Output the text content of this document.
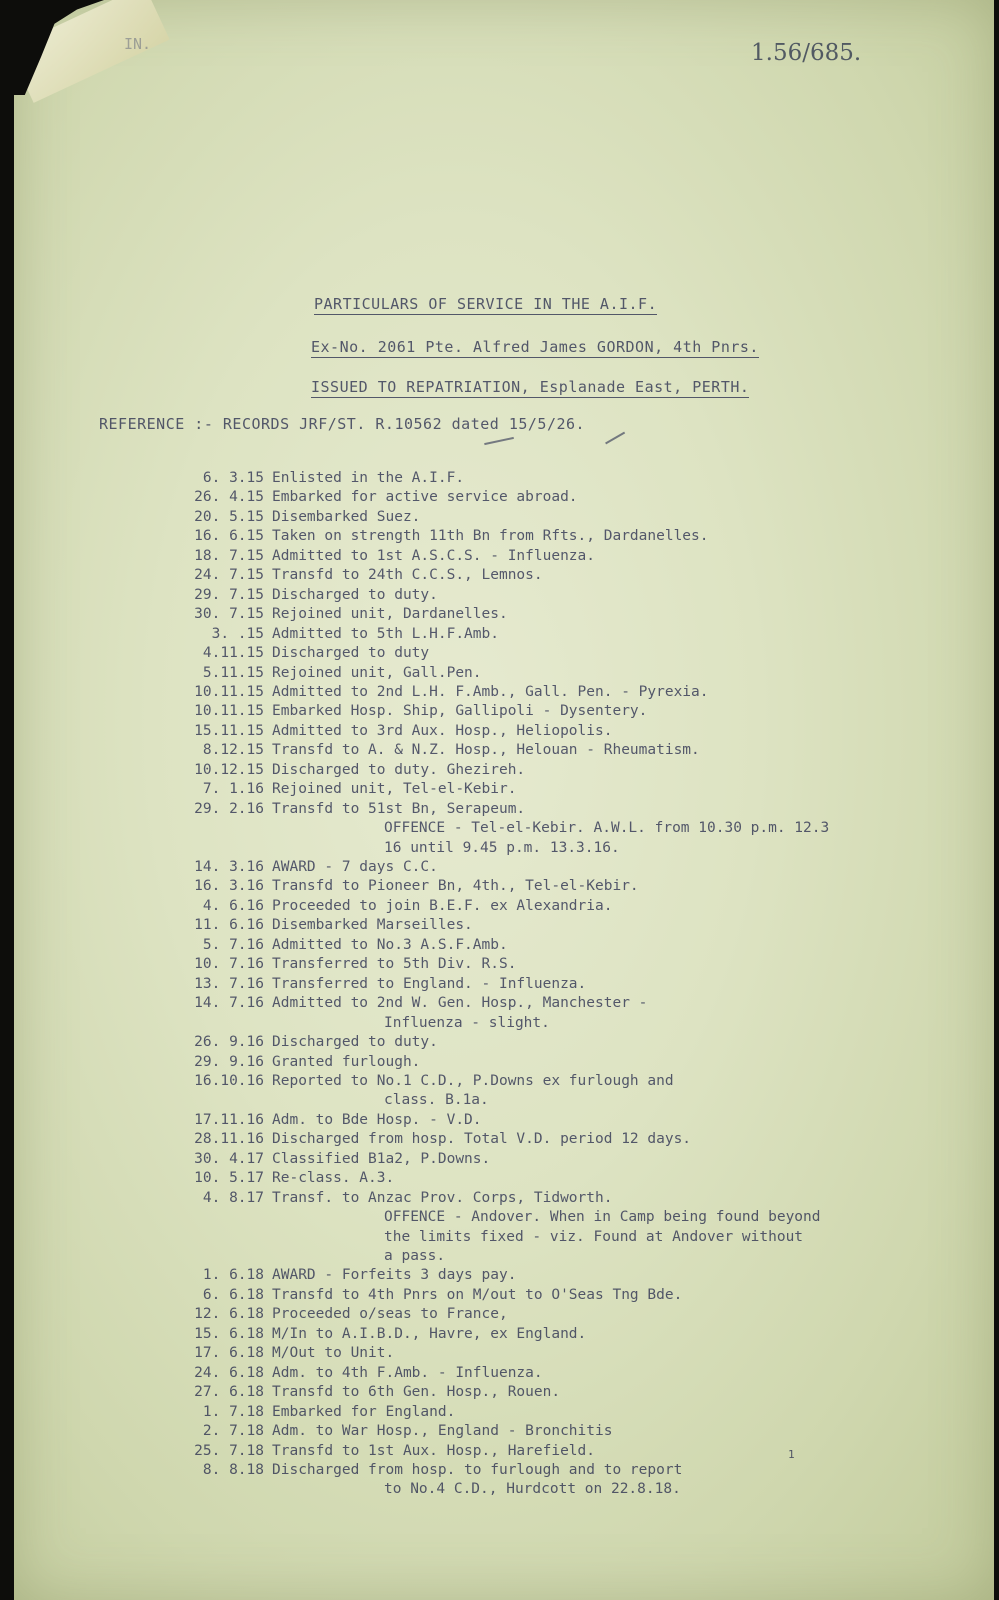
IN.	1.56/685.
PARTICULARS OF SERVICE IN THE A.I.F.
Ex-No. 2061 Pte. Alfred James GORDON, 4th Pnrs.
ISSUED TO REPATRIATION, Esplanade East, PERTH.
REFERENCE :- RECORDS JRF/ST. R.10562 dated 15/5/26.
6. 3.15 Enlisted in the A.I.F.
26. 4.15 Embarked for active service abroad.
20. 5.15 Disembarked Suez.
16. 6.15 Taken on strength 11th Bn from Rfts., Dardanelles.
18. 7.15 Admitted to 1st A.S.C.S. - Influenza.
24. 7.15 Transfd to 24th C.C.S., Lemnos.
29. 7.15 Discharged to duty.
30. 7.15 Rejoined unit, Dardanelles.
3. .15 Admitted to 5th L.H.F.Amb.
4.11.15 Discharged to duty
5.11.15 Rejoined unit, Gall.Pen.
10.11.15 Admitted to 2nd L.H. F.Amb., Gall. Pen. - Pyrexia.
10.11.15 Embarked Hosp. Ship, Gallipoli - Dysentery.
15.11.15 Admitted to 3rd Aux. Hosp., Heliopolis.
8.12.15 Transfd to A. & N.Z. Hosp., Helouan - Rheumatism.
10.12.15 Discharged to duty. Ghezireh.
7. 1.16 Rejoined unit, Tel-el-Kebir.
29. 2.16 Transfd to 51st Bn, Serapeum.
OFFENCE - Tel-el-Kebir. A.W.L. from 10.30 p.m. 12.3
16 until 9.45 p.m. 13.3.16.
14. 3.16 AWARD - 7 days C.C.
16. 3.16 Transfd to Pioneer Bn, 4th., Tel-el-Kebir.
4. 6.16 Proceeded to join B.E.F. ex Alexandria.
11. 6.16 Disembarked Marseilles.
5. 7.16 Admitted to No.3 A.S.F.Amb.
10. 7.16 Transferred to 5th Div. R.S.
13. 7.16 Transferred to England. - Influenza.
14. 7.16 Admitted to 2nd W. Gen. Hosp., Manchester -
Influenza - slight.
26. 9.16 Discharged to duty.
29. 9.16 Granted furlough.
16.10.16 Reported to No.1 C.D., P.Downs ex furlough and
class. B.1a.
17.11.16 Adm. to Bde Hosp. - V.D.
28.11.16 Discharged from hosp. Total V.D. period 12 days.
30. 4.17 Classified B1a2, P.Downs.
10. 5.17 Re-class. A.3.
4. 8.17 Transf. to Anzac Prov. Corps, Tidworth.
OFFENCE - Andover. When in Camp being found beyond
the limits fixed - viz. Found at Andover without
a pass.
1. 6.18 AWARD - Forfeits 3 days pay.
6. 6.18 Transfd to 4th Pnrs on M/out to O'Seas Tng Bde.
12. 6.18 Proceeded o/seas to France,
15. 6.18 M/In to A.I.B.D., Havre, ex England.
17. 6.18 M/Out to Unit.
24. 6.18 Adm. to 4th F.Amb. - Influenza.
27. 6.18 Transfd to 6th Gen. Hosp., Rouen.
1. 7.18 Embarked for England.
2. 7.18 Adm. to War Hosp., England - Bronchitis
25. 7.18 Transfd to 1st Aux. Hosp., Harefield.
8. 8.18 Discharged from hosp. to furlough and to report
to No.4 C.D., Hurdcott on 22.8.18.
1
